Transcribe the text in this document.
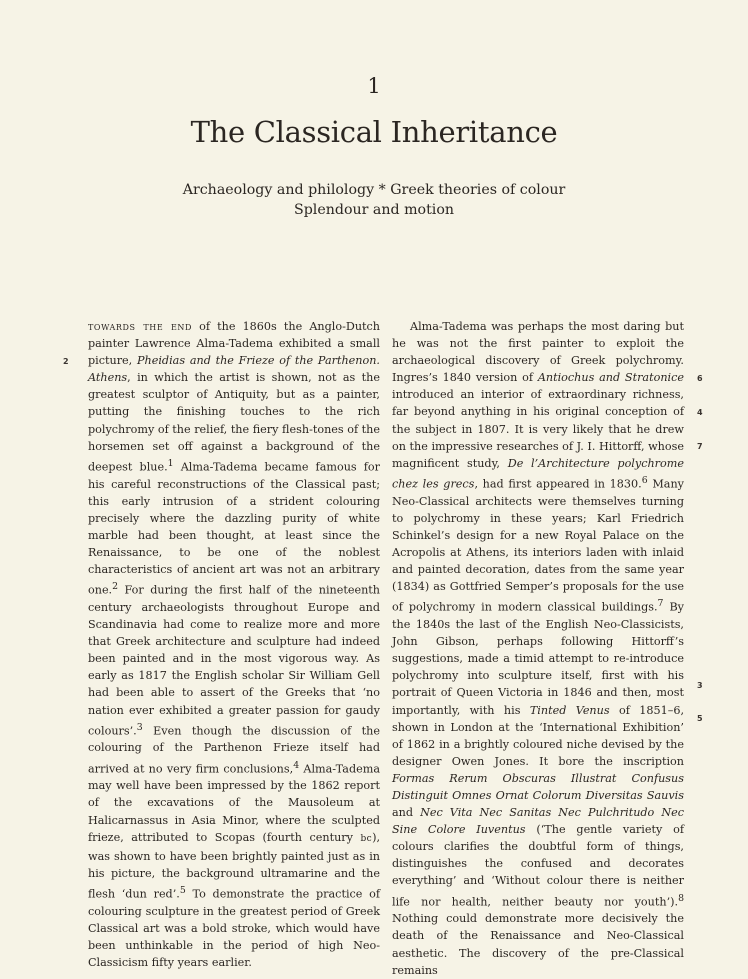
1
The Classical Inheritance
Archaeology and philology * Greek theories of colour
Splendour and motion

towards the end of the 1860s the Anglo-Dutch painter Lawrence Alma-Tadema exhibited a small picture, Pheidias and the Frieze of the Parthenon. Athens, in which the artist is shown, not as the greatest sculptor of Antiquity, but as a painter, putting the finishing touches to the rich polychromy of the relief, the fiery flesh-tones of the horsemen set off against a background of the deepest blue.$^1$ Alma-Tadema became famous for his careful reconstructions of the Classical past; this early intrusion of a strident colouring precisely where the dazzling purity of white marble had been thought, at least since the Renaissance, to be one of the noblest characteristics of ancient art was not an arbitrary one.$^2$ For during the first half of the nineteenth century archaeologists throughout Europe and Scandinavia had come to realize more and more that Greek architecture and sculpture had indeed been painted and in the most vigorous way. As early as 1817 the English scholar Sir William Gell had been able to assert of the Greeks that ‘no nation ever exhibited a greater passion for gaudy colours’.$^3$ Even though the discussion of the colouring of the Parthenon Frieze itself had arrived at no very firm conclusions,$^4$ Alma-Tadema may well have been impressed by the 1862 report of the excavations of the Mausoleum at Halicarnassus in Asia Minor, where the sculpted frieze, attributed to Scopas (fourth century bc), was shown to have been brightly painted just as in his picture, the background ultramarine and the flesh ‘dun red’.$^5$ To demonstrate the practice of colouring sculpture in the greatest period of Greek Classical art was a bold stroke, which would have been unthinkable in the period of high Neo-Classicism fifty years earlier.

Alma-Tadema was perhaps the most daring but he was not the first painter to exploit the archaeological discovery of Greek polychromy. Ingres’s 1840 version of Antiochus and Stratonice introduced an interior of extraordinary richness, far beyond anything in his original conception of the subject in 1807. It is very likely that he drew on the impressive researches of J. I. Hittorff, whose magnificent study, De l’Architecture polychrome chez les grecs, had first appeared in 1830.$^6$ Many Neo-Classical architects were themselves turning to polychromy in these years; Karl Friedrich Schinkel’s design for a new Royal Palace on the Acropolis at Athens, its interiors laden with inlaid and painted decoration, dates from the same year (1834) as Gottfried Semper’s proposals for the use of polychromy in modern classical buildings.$^7$ By the 1840s the last of the English Neo-Classicists, John Gibson, perhaps following Hittorff’s suggestions, made a timid attempt to re-introduce polychromy into sculpture itself, first with his portrait of Queen Victoria in 1846 and then, most importantly, with his Tinted Venus of 1851–6, shown in London at the ‘International Exhibition’ of 1862 in a brightly coloured niche devised by the designer Owen Jones. It bore the inscription Formas Rerum Obscuras Illustrat Confusus Distinguit Omnes Ornat Colorum Diversitas Sauvis and Nec Vita Nec Sanitas Nec Pulchritudo Nec Sine Colore Iuventus (‘The gentle variety of colours clarifies the doubtful form of things, distinguishes the confused and decorates everything’ and ‘Without colour there is neither life nor health, neither beauty nor youth’).$^8$ Nothing could demonstrate more decisively the death of the Renaissance and Neo-Classical aesthetic. The discovery of the pre-Classical remains

2
6
4
7
3
5
